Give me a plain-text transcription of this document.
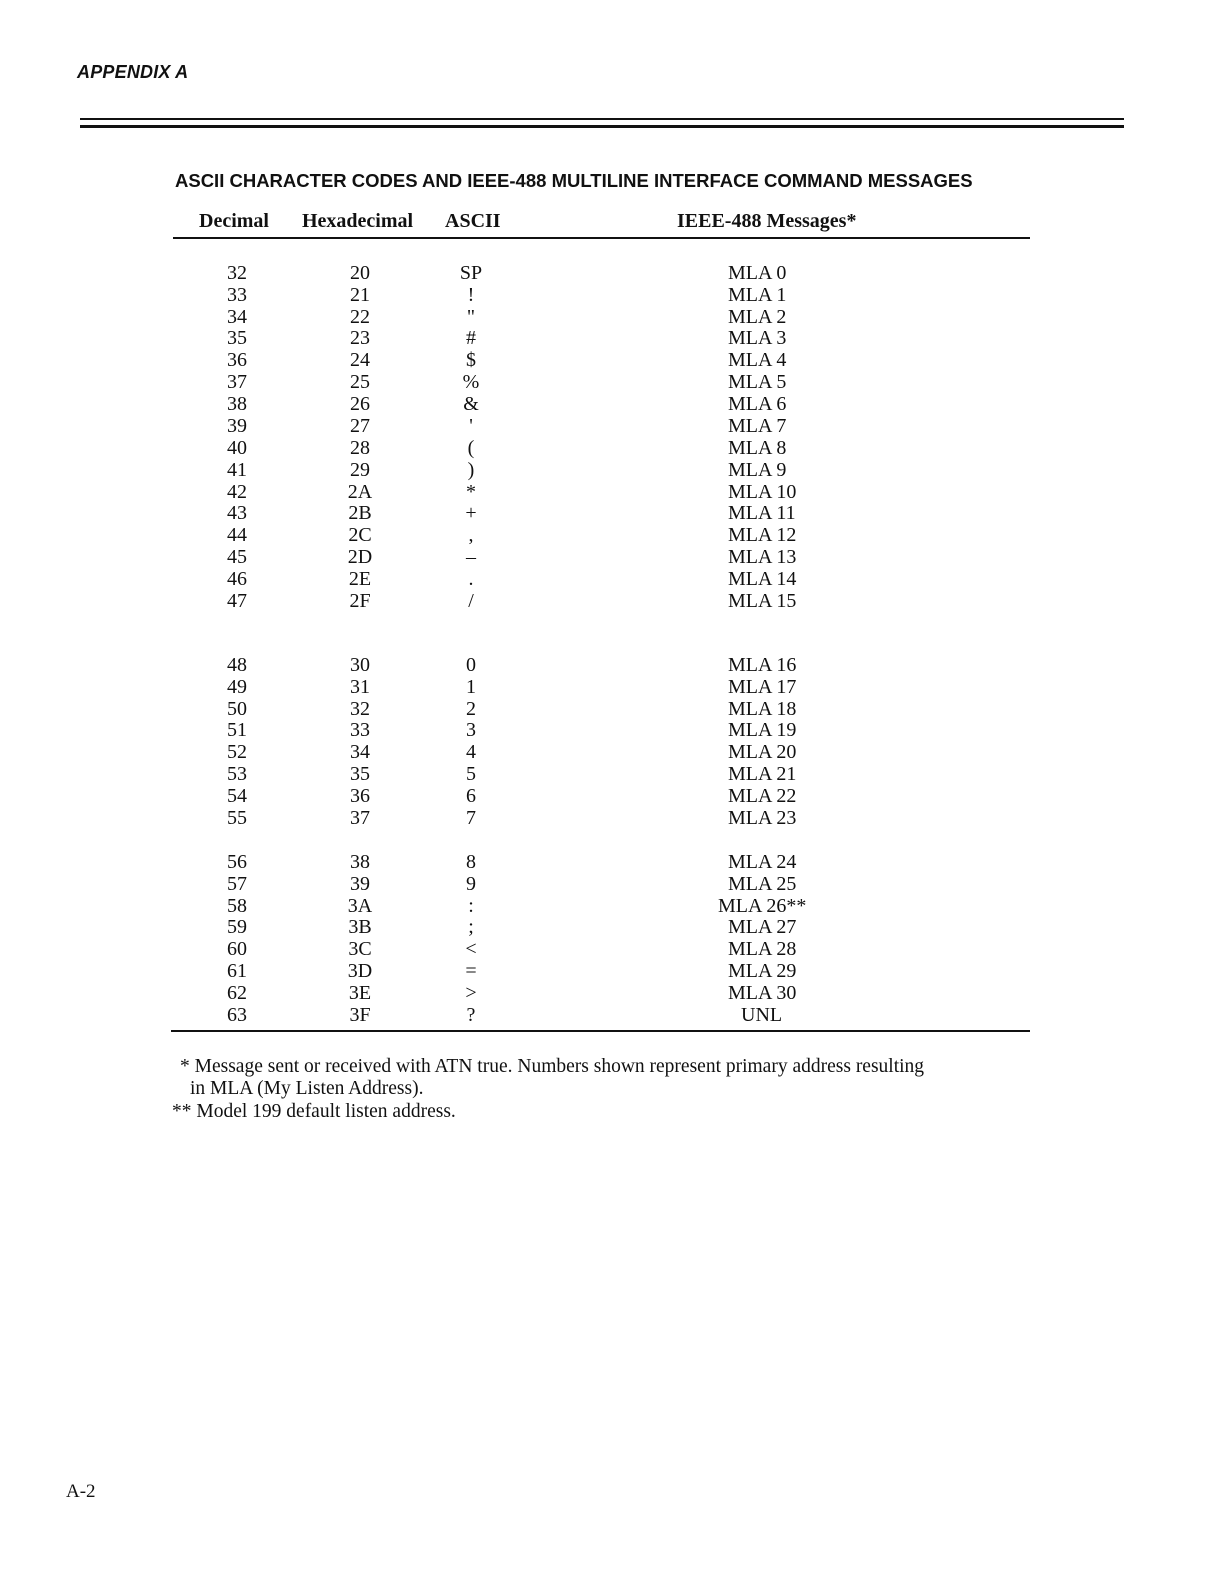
APPENDIX A
ASCII CHARACTER CODES AND IEEE-488 MULTILINE INTERFACE COMMAND MESSAGES
Decimal Hexadecimal ASCII	IEEE-488 Messages*
32	20	SP	MLA 0
33	21	!	MLA 1
34	22	"	MLA 2
35	23	#	MLA 3
36	24	$	MLA 4
37	25	%	MLA 5
38	26	&	MLA 6
39	27	'	MLA 7
40	28	(	MLA 8
41	29	)	MLA 9
42	2A	*	MLA 10
43	2B	+	MLA 11
44	2C	,	MLA 12
45	2D	–	MLA 13
46	2E	.	MLA 14
47	2F	/	MLA 15
48	30	0	MLA 16
49	31	1	MLA 17
50	32	2	MLA 18
51	33	3	MLA 19
52	34	4	MLA 20
53	35	5	MLA 21
54	36	6	MLA 22
55	37	7	MLA 23
56	38	8	MLA 24
57	39	9	MLA 25
58	3A	:	MLA 26**
59	3B	;	MLA 27
60	3C	<	MLA 28
61	3D	=	MLA 29
62	3E	>	MLA 30
63	3F	?	UNL
* Message sent or received with ATN true. Numbers shown represent primary address resulting
in MLA (My Listen Address).
** Model 199 default listen address.
A-2
